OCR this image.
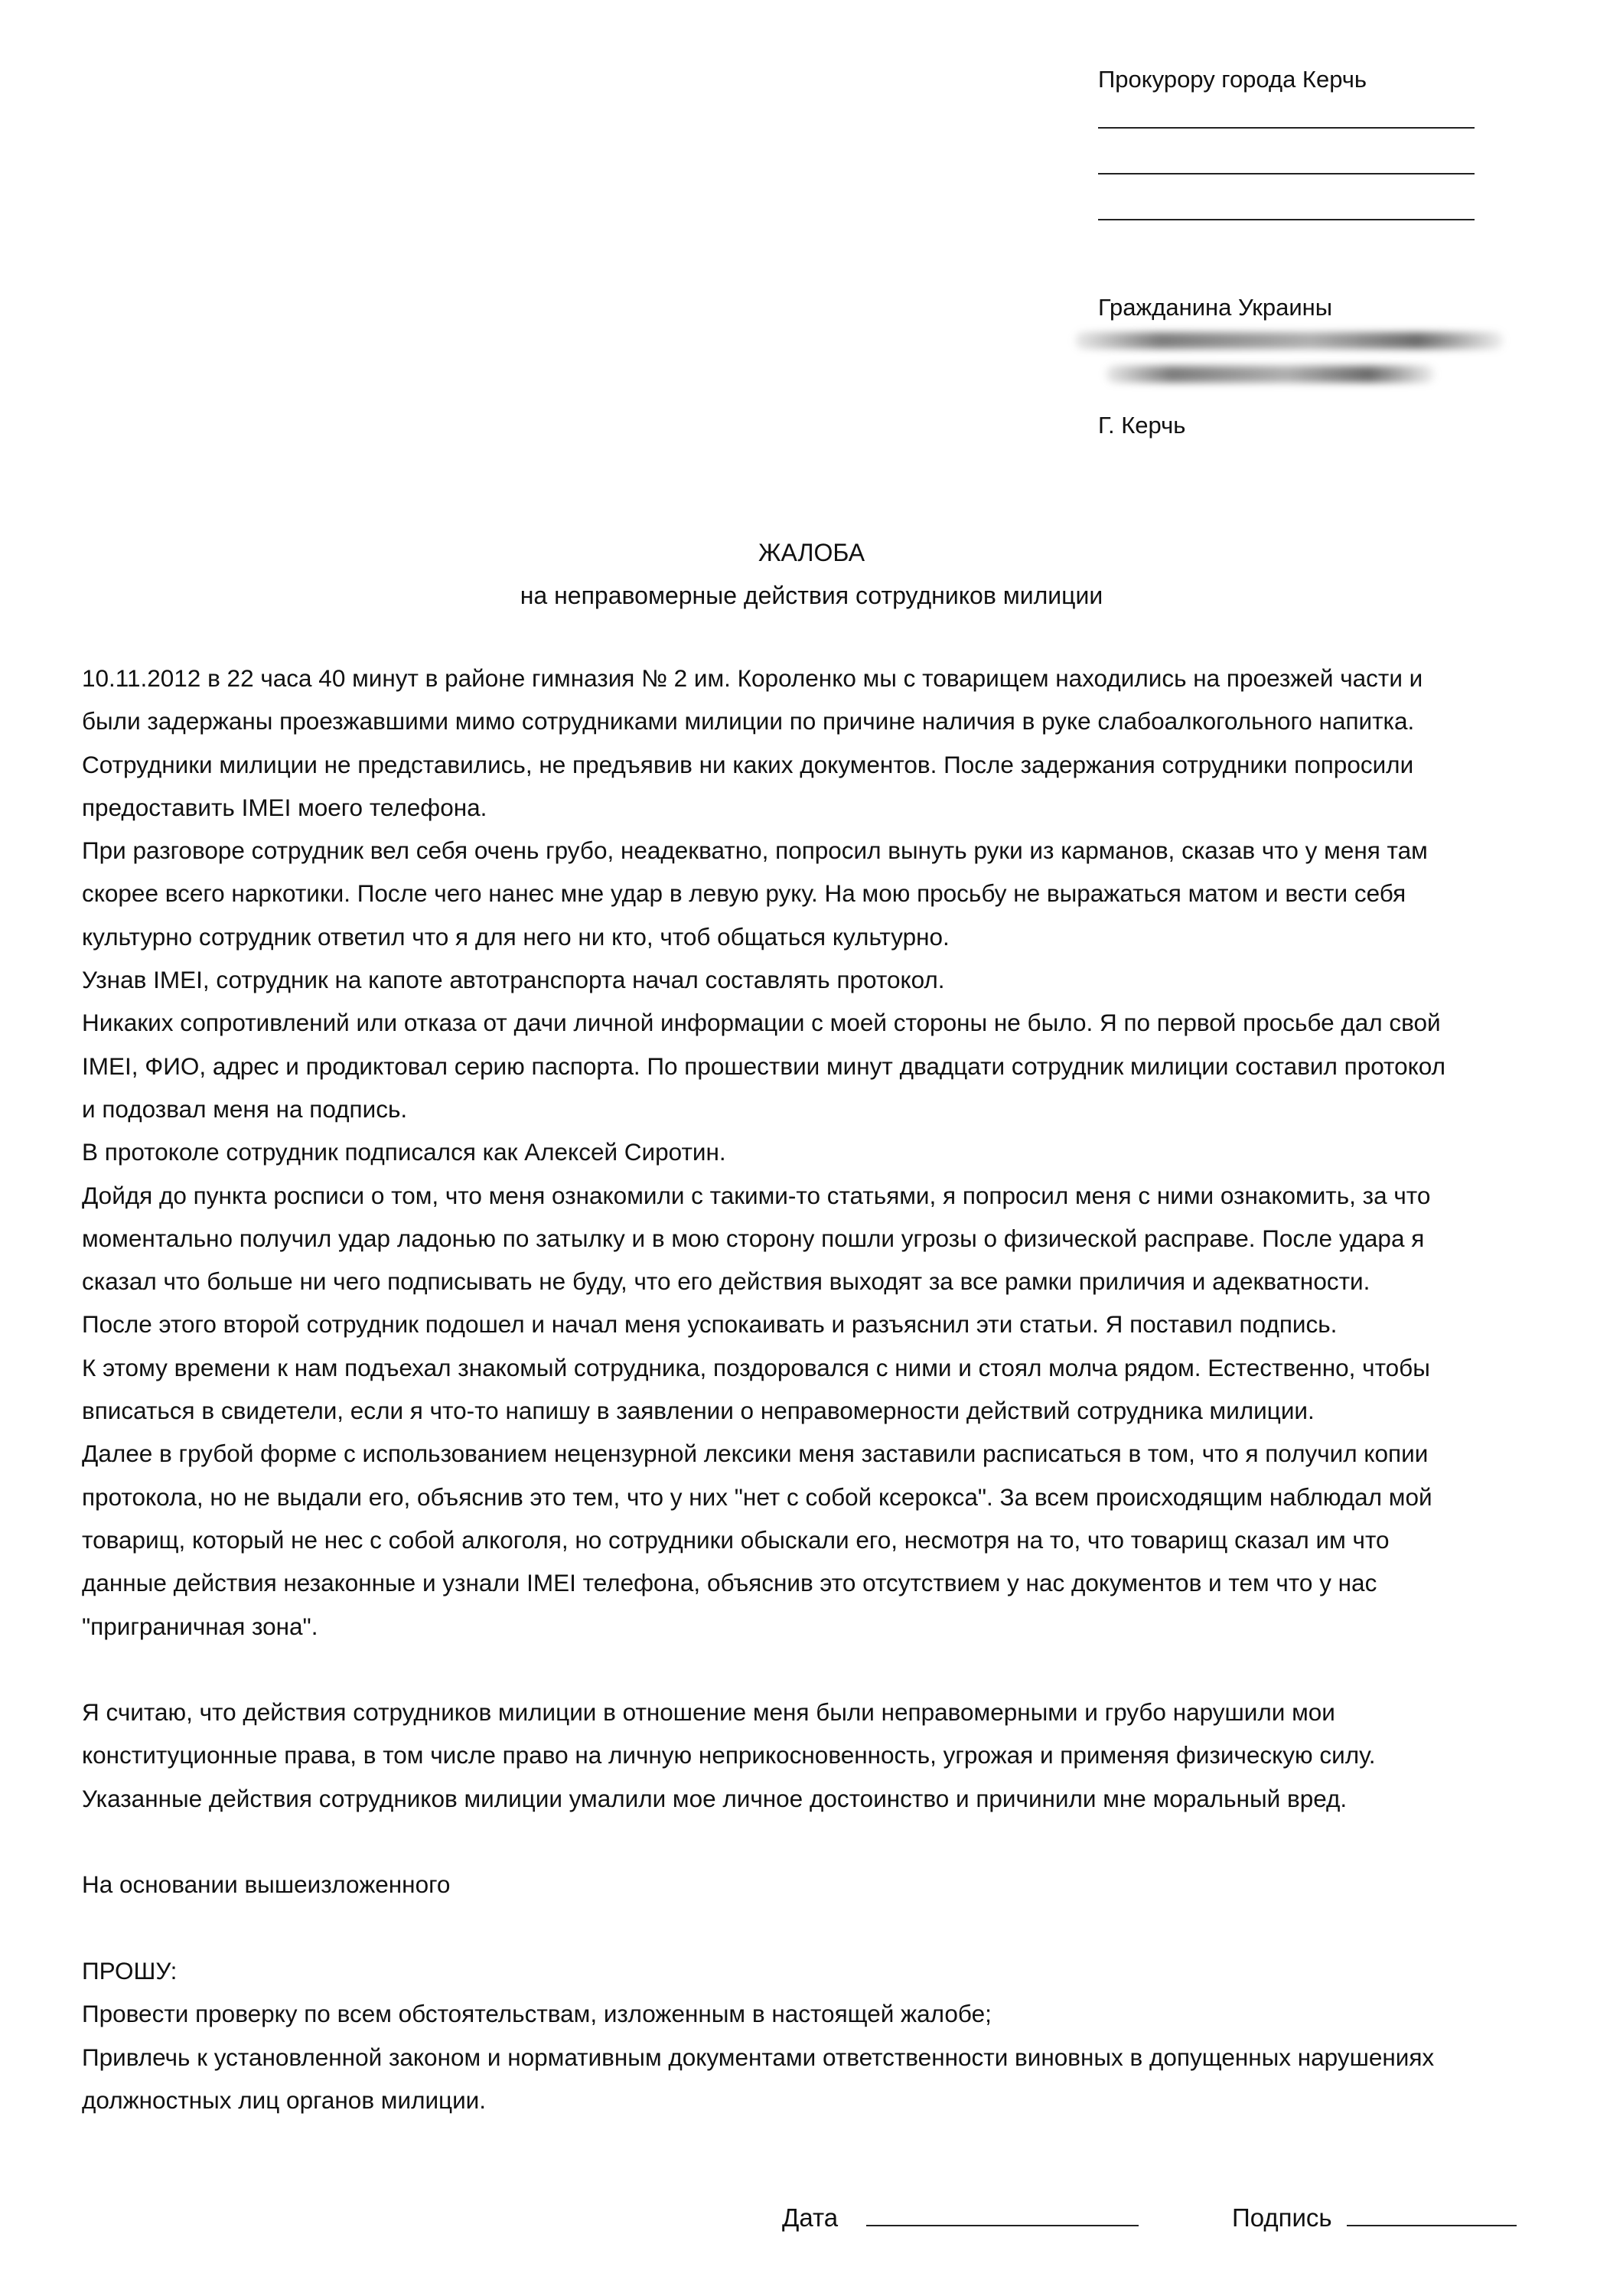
Прокурору города Керчь
Гражданина Украины
Г. Керчь
ЖАЛОБА
на неправомерные действия сотрудников милиции
10.11.2012 в 22 часа 40 минут в районе гимназия № 2 им. Короленко мы с товарищем находились на проезжей части и
были задержаны проезжавшими мимо сотрудниками милиции по причине наличия в руке слабоалкогольного напитка.
Сотрудники милиции не представились, не предъявив ни каких документов. После задержания сотрудники попросили
предоставить IMEI моего телефона.
При разговоре сотрудник вел себя очень грубо, неадекватно, попросил вынуть руки из карманов, сказав что у меня там
скорее всего наркотики. После чего нанес мне удар в левую руку. На мою просьбу не выражаться матом и вести себя
культурно сотрудник ответил что я для него ни кто, чтоб общаться культурно.
Узнав IMEI, сотрудник на капоте автотранспорта начал составлять протокол.
Никаких сопротивлений или отказа от дачи личной информации с моей стороны не было. Я по первой просьбе дал свой
IMEI, ФИО, адрес и продиктовал серию паспорта. По прошествии минут двадцати сотрудник милиции составил протокол
и подозвал меня на подпись.
В протоколе сотрудник подписался как Алексей Сиротин.
Дойдя до пункта росписи о том, что меня ознакомили с такими-то статьями, я попросил меня с ними ознакомить, за что
моментально получил удар ладонью по затылку и в мою сторону пошли угрозы о физической расправе. После удара я
сказал что больше ни чего подписывать не буду, что его действия выходят за все рамки приличия и адекватности.
После этого второй сотрудник подошел и начал меня успокаивать и разъяснил эти статьи. Я поставил подпись.
К этому времени к нам подъехал знакомый сотрудника, поздоровался с ними и стоял молча рядом. Естественно, чтобы
вписаться в свидетели, если я что-то напишу в заявлении о неправомерности действий сотрудника милиции.
Далее в грубой форме с использованием нецензурной лексики меня заставили расписаться в том, что я получил копии
протокола, но не выдали его, объяснив это тем, что у них "нет с собой ксерокса". За всем происходящим наблюдал мой
товарищ, который не нес с собой алкоголя, но сотрудники обыскали его, несмотря на то, что товарищ сказал им что
данные действия незаконные и узнали IMEI телефона, объяснив это отсутствием у нас документов и тем что у нас
"приграничная зона".
Я считаю, что действия сотрудников милиции в отношение меня были неправомерными и грубо нарушили мои
конституционные права, в том числе право на личную неприкосновенность, угрожая и применяя физическую силу.
Указанные действия сотрудников милиции умалили мое личное достоинство и причинили мне моральный вред.
На основании вышеизложенного
ПРОШУ:
Провести проверку по всем обстоятельствам, изложенным в настоящей жалобе;
Привлечь к установленной законом и нормативным документами ответственности виновных в допущенных нарушениях
должностных лиц органов милиции.
Дата	Подпись
